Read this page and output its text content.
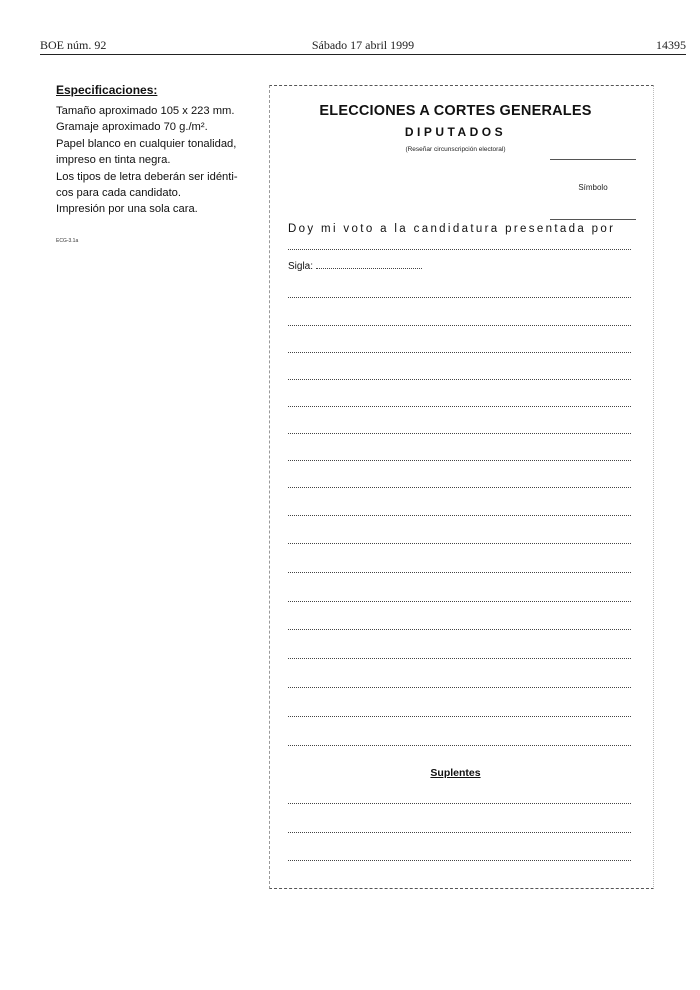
BOE núm. 92	Sábado 17 abril 1999	14395
Especificaciones:
Tamaño aproximado 105 x 223 mm.
Gramaje aproximado 70 g./m².
Papel blanco en cualquier tonalidad,
impreso en tinta negra.
Los tipos de letra deberán ser idénti-
cos para cada candidato.
Impresión por una sola cara.
ECG-3.1a
ELECCIONES A CORTES GENERALES
DIPUTADOS
(Reseñar circunscripción electoral)
Símbolo
Doy mi voto a la candidatura presentada por
Sigla:
Suplentes
